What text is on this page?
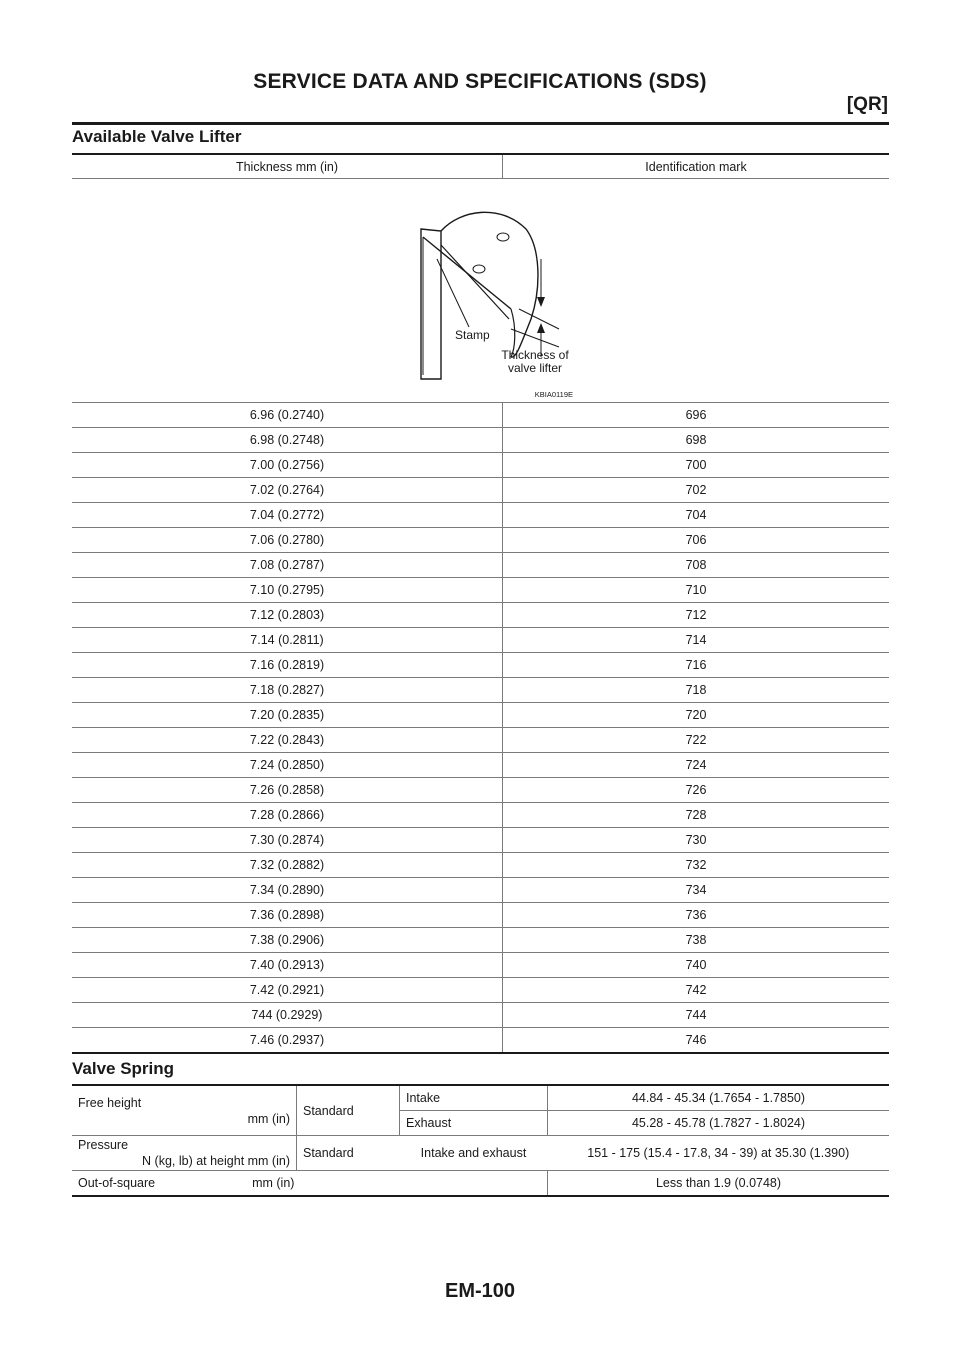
SERVICE DATA AND SPECIFICATIONS (SDS)
[QR]
Available Valve Lifter
Thickness mm (in)	Identification mark

Stamp
Thickness of
valve lifter
KBIA0119E	

6.96 (0.2740)	696
6.98 (0.2748)	698
7.00 (0.2756)	700
7.02 (0.2764)	702
7.04 (0.2772)	704
7.06 (0.2780)	706
7.08 (0.2787)	708
7.10 (0.2795)	710
7.12 (0.2803)	712
7.14 (0.2811)	714
7.16 (0.2819)	716
7.18 (0.2827)	718
7.20 (0.2835)	720
7.22 (0.2843)	722
7.24 (0.2850)	724
7.26 (0.2858)	726
7.28 (0.2866)	728
7.30 (0.2874)	730
7.32 (0.2882)	732
7.34 (0.2890)	734
7.36 (0.2898)	736
7.38 (0.2906)	738
7.40 (0.2913)	740
7.42 (0.2921)	742
744 (0.2929)	744
7.46 (0.2937)	746
Valve Spring
Free height
mm (in)	Standard	Intake	44.84 - 45.34 (1.7654 - 1.7850)
		Exhaust	45.28 - 45.78 (1.7827 - 1.8024)
Pressure
N (kg, lb) at height mm (in)	Standard	Intake and exhaust	151 - 175 (15.4 - 17.8, 34 - 39) at 35.30 (1.390)
Out-of-square mm (in)			Less than 1.9 (0.0748)
EM-100
